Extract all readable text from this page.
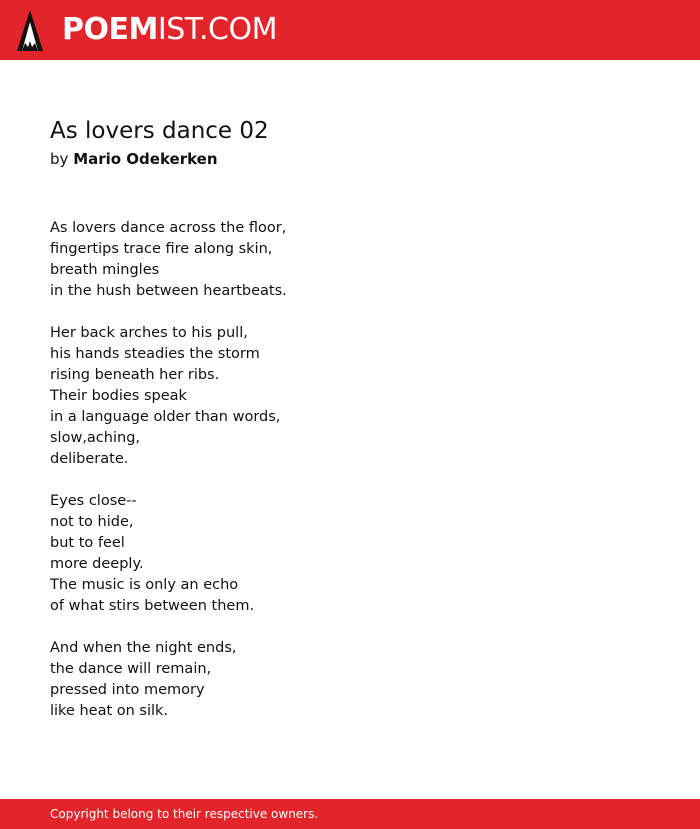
POEMIST.COM
As lovers dance 02
by Mario Odekerken
As lovers dance across the floor,
fingertips trace fire along skin,
breath mingles
in the hush between heartbeats.
Her back arches to his pull,
his hands steadies the storm
rising beneath her ribs.
Their bodies speak
in a language older than words,
slow,aching,
deliberate.
Eyes close--
not to hide,
but to feel
more deeply.
The music is only an echo
of what stirs between them.
And when the night ends,
the dance will remain,
pressed into memory
like heat on silk.
Copyright belong to their respective owners.
